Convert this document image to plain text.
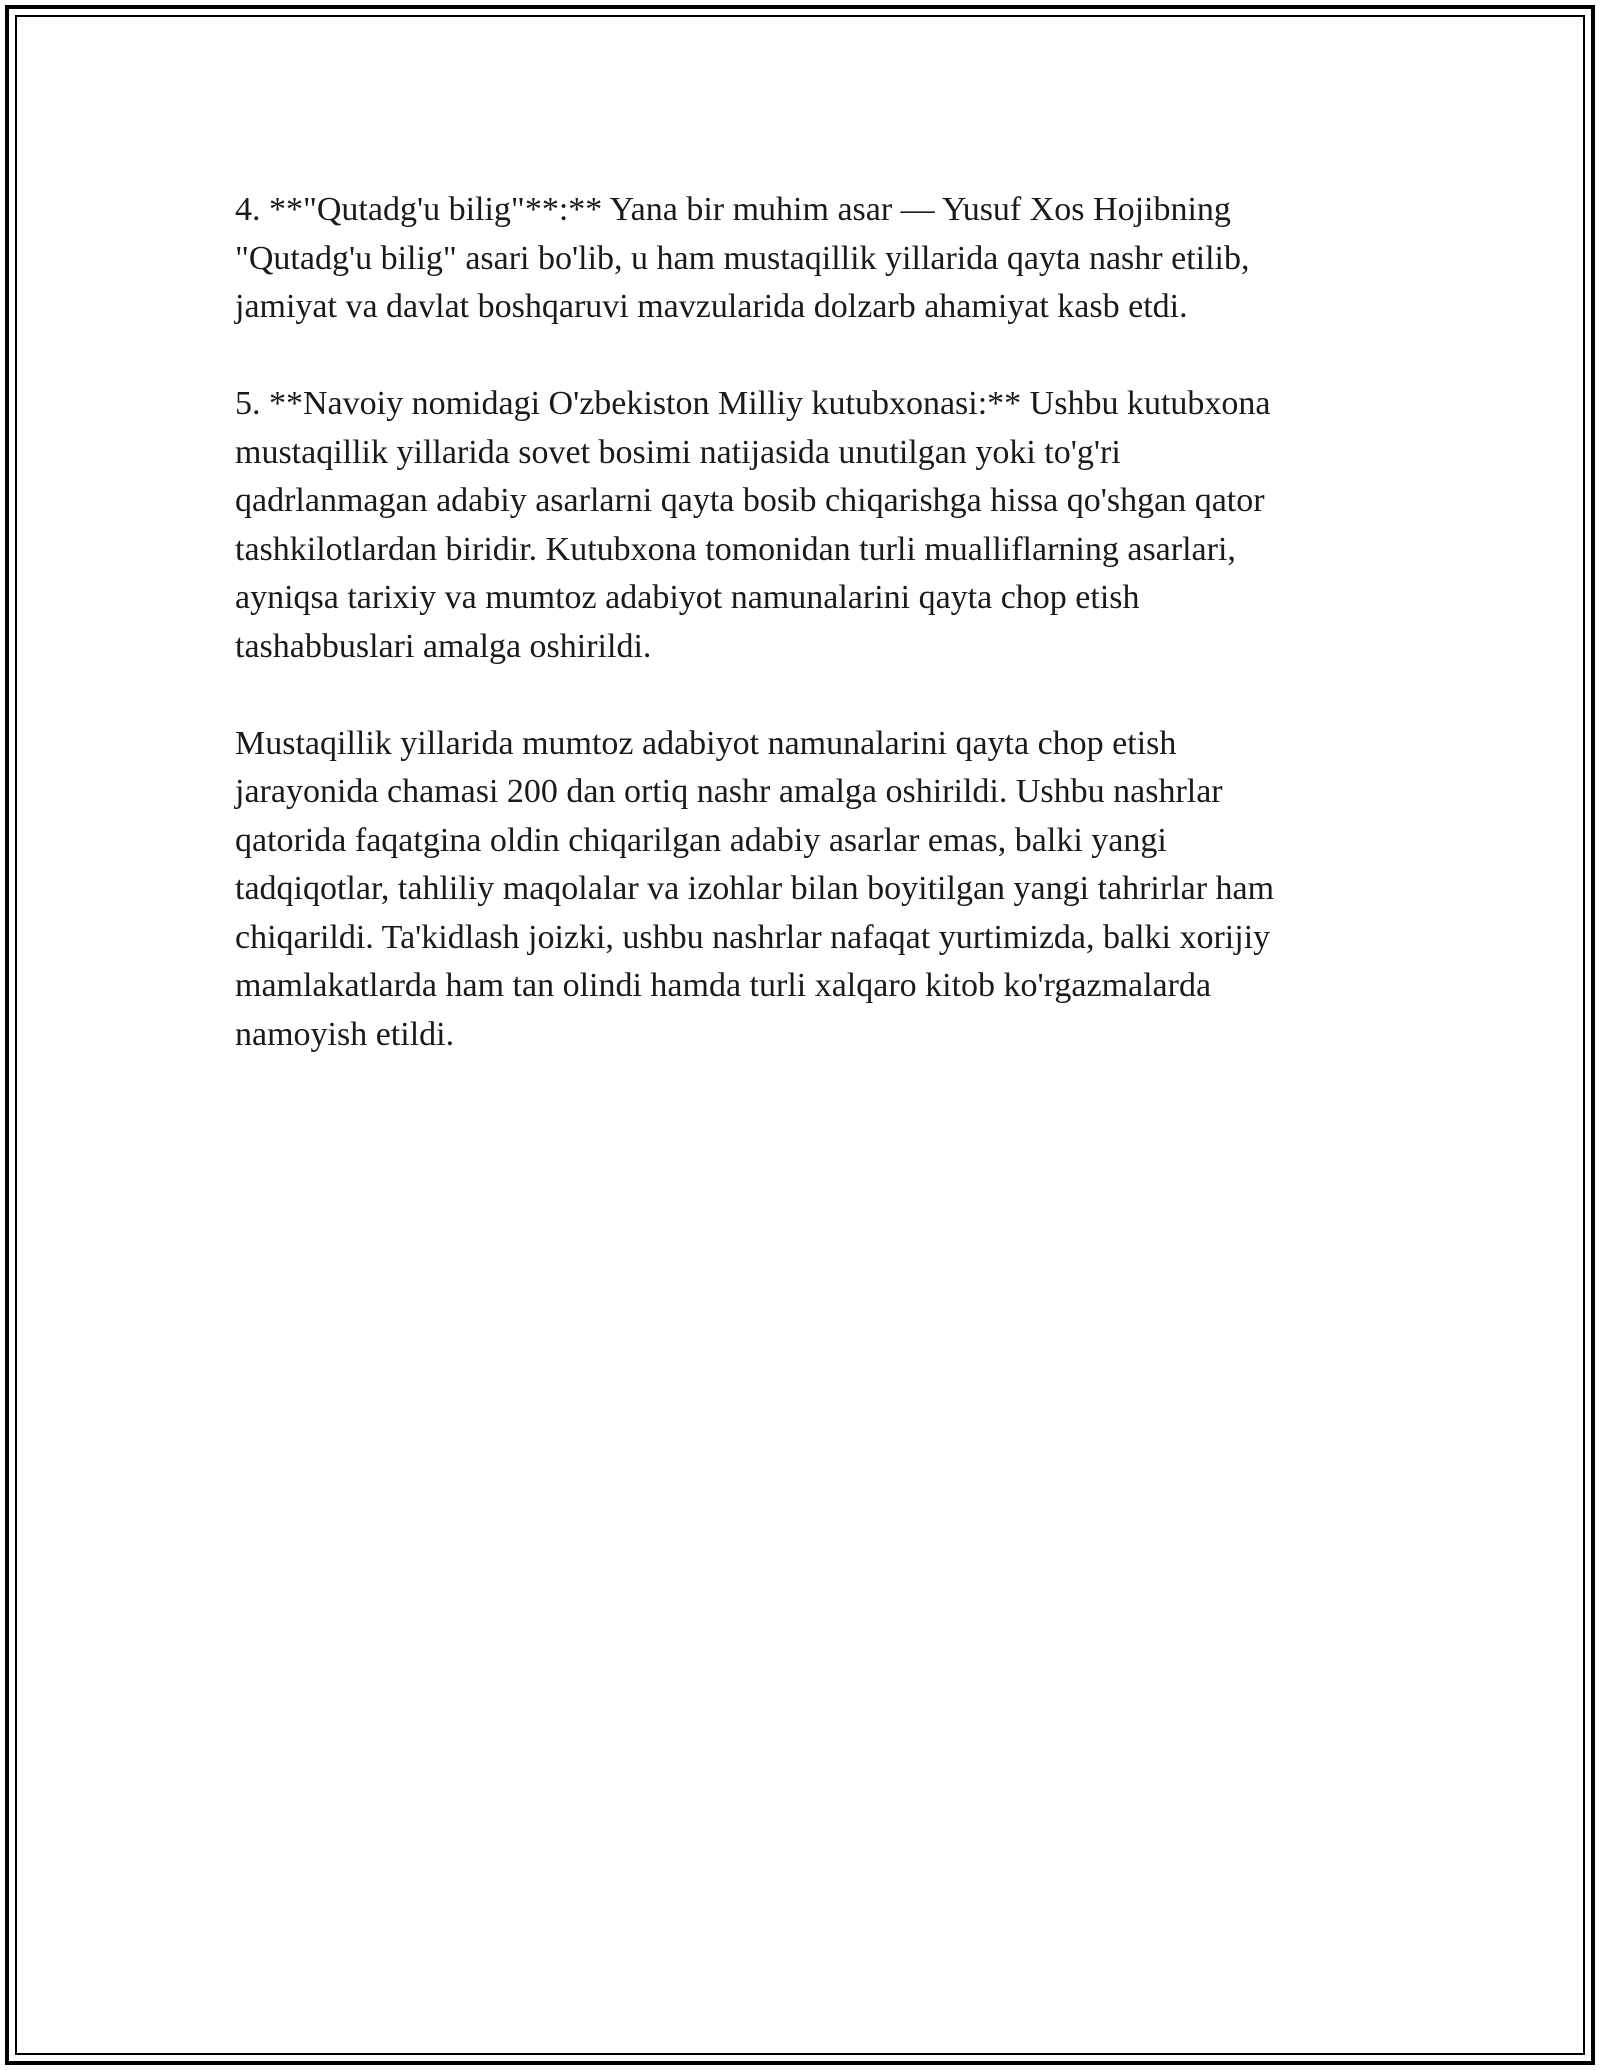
4. **"Qutadg'u bilig"**:** Yana bir muhim asar — Yusuf Xos Hojibning
"Qutadg'u bilig" asari bo'lib, u ham mustaqillik yillarida qayta nashr etilib,
jamiyat va davlat boshqaruvi mavzularida dolzarb ahamiyat kasb etdi.

5. **Navoiy nomidagi O'zbekiston Milliy kutubxonasi:** Ushbu kutubxona
mustaqillik yillarida sovet bosimi natijasida unutilgan yoki to'g'ri
qadrlanmagan adabiy asarlarni qayta bosib chiqarishga hissa qo'shgan qator
tashkilotlardan biridir. Kutubxona tomonidan turli mualliflarning asarlari,
ayniqsa tarixiy va mumtoz adabiyot namunalarini qayta chop etish
tashabbuslari amalga oshirildi.

Mustaqillik yillarida mumtoz adabiyot namunalarini qayta chop etish
jarayonida chamasi 200 dan ortiq nashr amalga oshirildi. Ushbu nashrlar
qatorida faqatgina oldin chiqarilgan adabiy asarlar emas, balki yangi
tadqiqotlar, tahliliy maqolalar va izohlar bilan boyitilgan yangi tahrirlar ham
chiqarildi. Ta'kidlash joizki, ushbu nashrlar nafaqat yurtimizda, balki xorijiy
mamlakatlarda ham tan olindi hamda turli xalqaro kitob ko'rgazmalarda
namoyish etildi.
